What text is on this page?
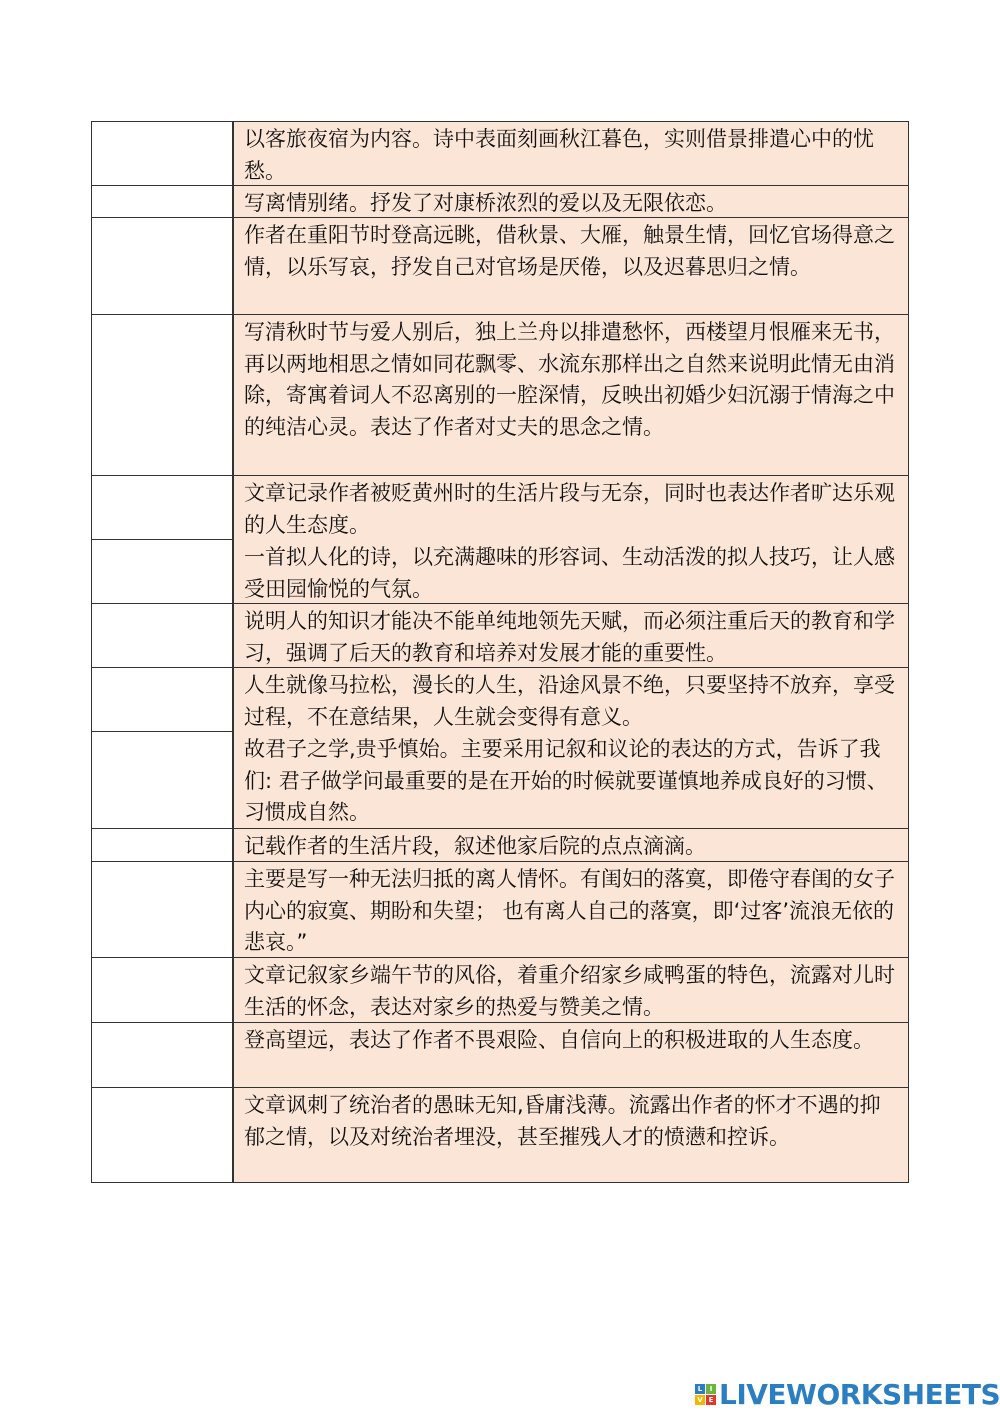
以客旅夜宿为内容。诗中表面刻画秋江暮色，实则借景排遣心中的忧愁。
写离情别绪。抒发了对康桥浓烈的爱以及无限依恋。
作者在重阳节时登高远眺，借秋景、大雁，触景生情，回忆官场得意之情，以乐写哀，抒发自己对官场是厌倦，以及迟暮思归之情。
写清秋时节与爱人别后，独上兰舟以排遣愁怀，西楼望月恨雁来无书，再以两地相思之情如同花飘零、水流东那样出之自然来说明此情无由消除，寄寓着词人不忍离别的一腔深情，反映出初婚少妇沉溺于情海之中的纯洁心灵。表达了作者对丈夫的思念之情。
文章记录作者被贬黄州时的生活片段与无奈，同时也表达作者旷达乐观的人生态度。
一首拟人化的诗，以充满趣味的形容词、生动活泼的拟人技巧，让人感受田园愉悦的气氛。
说明人的知识才能决不能单纯地领先天赋，而必须注重后天的教育和学习，强调了后天的教育和培养对发展才能的重要性。
人生就像马拉松，漫长的人生，沿途风景不绝，只要坚持不放弃，享受过程，不在意结果，人生就会变得有意义。
故君子之学,贵乎慎始。主要采用记叙和议论的表达的方式，告诉了我们: 君子做学问最重要的是在开始的时候就要谨慎地养成良好的习惯、习惯成自然。
记载作者的生活片段，叙述他家后院的点点滴滴。
主要是写一种无法归抵的离人情怀。有闺妇的落寞，即倦守春闺的女子内心的寂寞、期盼和失望； 也有离人自己的落寞，即‘过客’流浪无依的悲哀。”
文章记叙家乡端午节的风俗，着重介绍家乡咸鸭蛋的特色，流露对儿时生活的怀念，表达对家乡的热爱与赞美之情。
登高望远，表达了作者不畏艰险、自信向上的积极进取的人生态度。
文章讽刺了统治者的愚昧无知,昏庸浅薄。流露出作者的怀才不遇的抑郁之情，以及对统治者埋没，甚至摧残人才的愤懑和控诉。
L	I
V E LIVEWORKSHEETS
